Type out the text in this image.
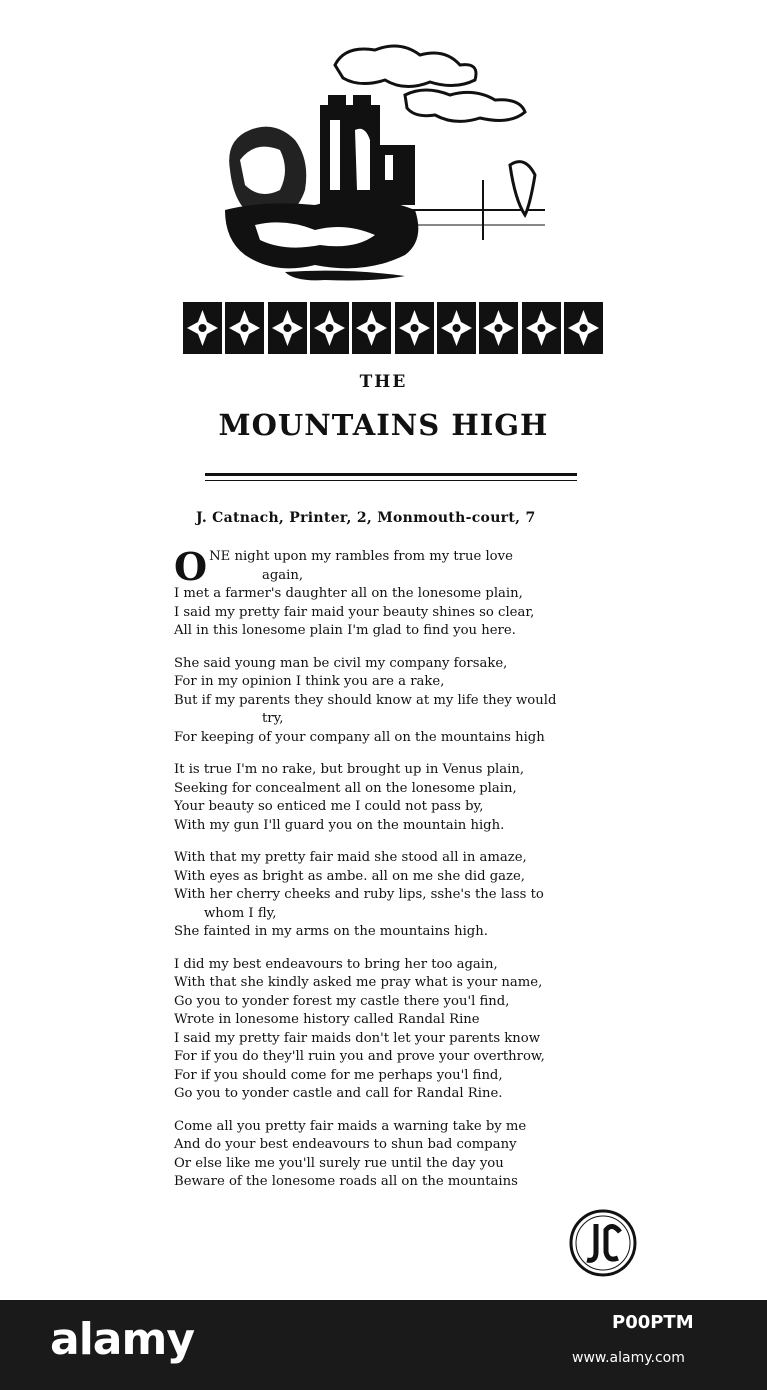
THE
MOUNTAINS HIGH
J. Catnach, Printer, 2, Monmouth-court, 7
O NE night upon my rambles from my true love
again,
I met a farmer's daughter all on the lonesome plain,
I said my pretty fair maid your beauty shines so clear,
All in this lonesome plain I'm glad to find you here.
She said young man be civil my company forsake,
For in my opinion I think you are a rake,
But if my parents they should know at my life they would
try,
For keeping of your company all on the mountains high
It is true I'm no rake, but brought up in Venus plain,
Seeking for concealment all on the lonesome plain,
Your beauty so enticed me I could not pass by,
With my gun I'll guard you on the mountain high.
With that my pretty fair maid she stood all in amaze,
With eyes as bright as ambe. all on me she did gaze,
With her cherry cheeks and ruby lips, sshe's the lass to
whom I fly,
She fainted in my arms on the mountains high.
I did my best endeavours to bring her too again,
With that she kindly asked me pray what is your name,
Go you to yonder forest my castle there you'l find,
Wrote in lonesome history called Randal Rine
I said my pretty fair maids don't let your parents know
For if you do they'll ruin you and prove your overthrow,
For if you should come for me perhaps you'l find,
Go you to yonder castle and call for Randal Rine.
Come all you pretty fair maids a warning take by me
And do your best endeavours to shun bad company
Or else like me you'll surely rue until the day you
Beware of the lonesome roads all on the mountains
alamy	P00PTM
www.alamy.com
